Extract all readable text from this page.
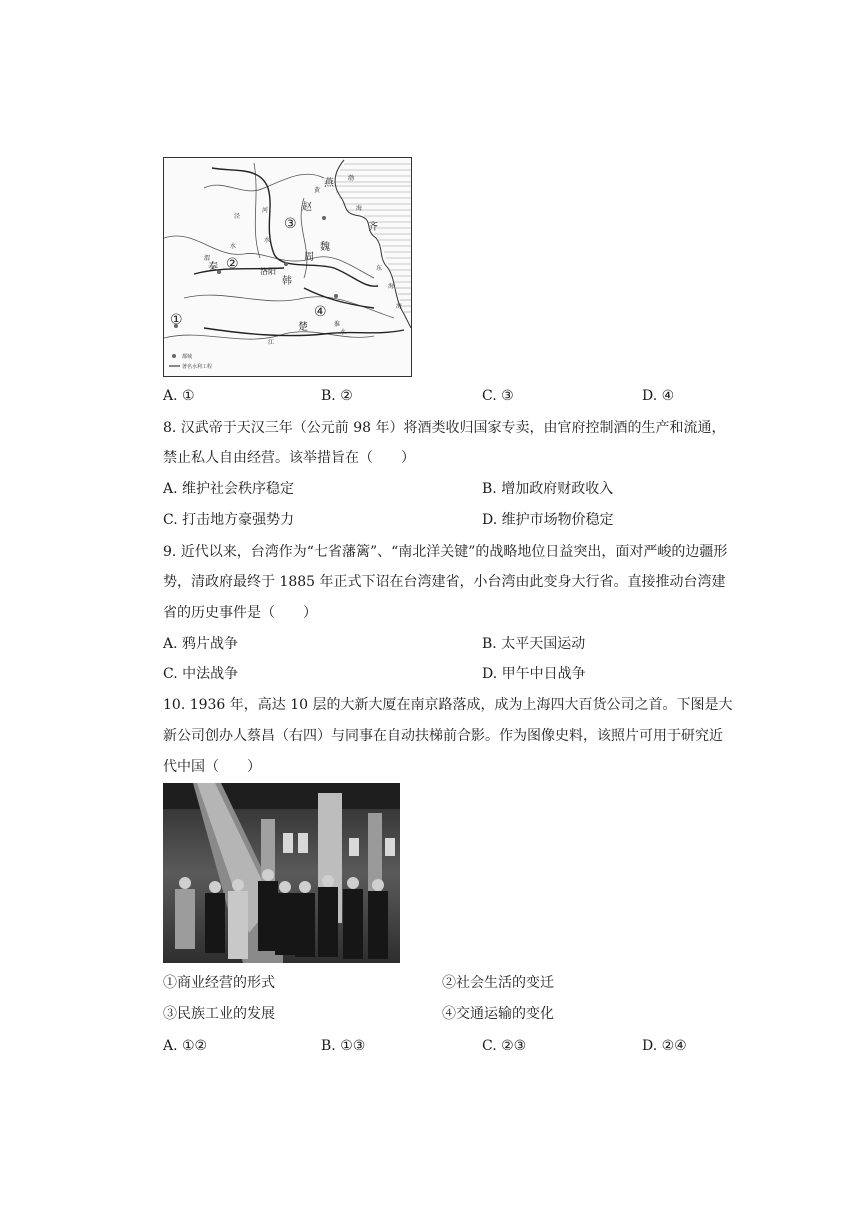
①
②
③
④
燕
赵
齐
秦
周
魏
韩
楚
洛阳
渭
水
河
水
江
淮
水
黄
海
渤
海
东
海
泾
都城
著名水利工程
A. ①	B. ②	C. ③	D. ④
8. 汉武帝于天汉三年（公元前 98 年）将酒类收归国家专卖，由官府控制酒的生产和流通，
禁止私人自由经营。该举措旨在（　　）
A. 维护社会秩序稳定	B. 增加政府财政收入
C. 打击地方豪强势力	D. 维护市场物价稳定
9. 近代以来，台湾作为“七省藩篱”、“南北洋关键”的战略地位日益突出，面对严峻的边疆形
势，清政府最终于 1885 年正式下诏在台湾建省，小台湾由此变身大行省。直接推动台湾建
省的历史事件是（　　）
A. 鸦片战争	B. 太平天国运动
C. 中法战争	D. 甲午中日战争
10. 1936 年，高达 10 层的大新大厦在南京路落成，成为上海四大百货公司之首。下图是大
新公司创办人蔡昌（右四）与同事在自动扶梯前合影。作为图像史料，该照片可用于研究近
代中国（　　）
①商业经营的形式	②社会生活的变迁
③民族工业的发展	④交通运输的变化
A. ①②	B. ①③	C. ②③	D. ②④
